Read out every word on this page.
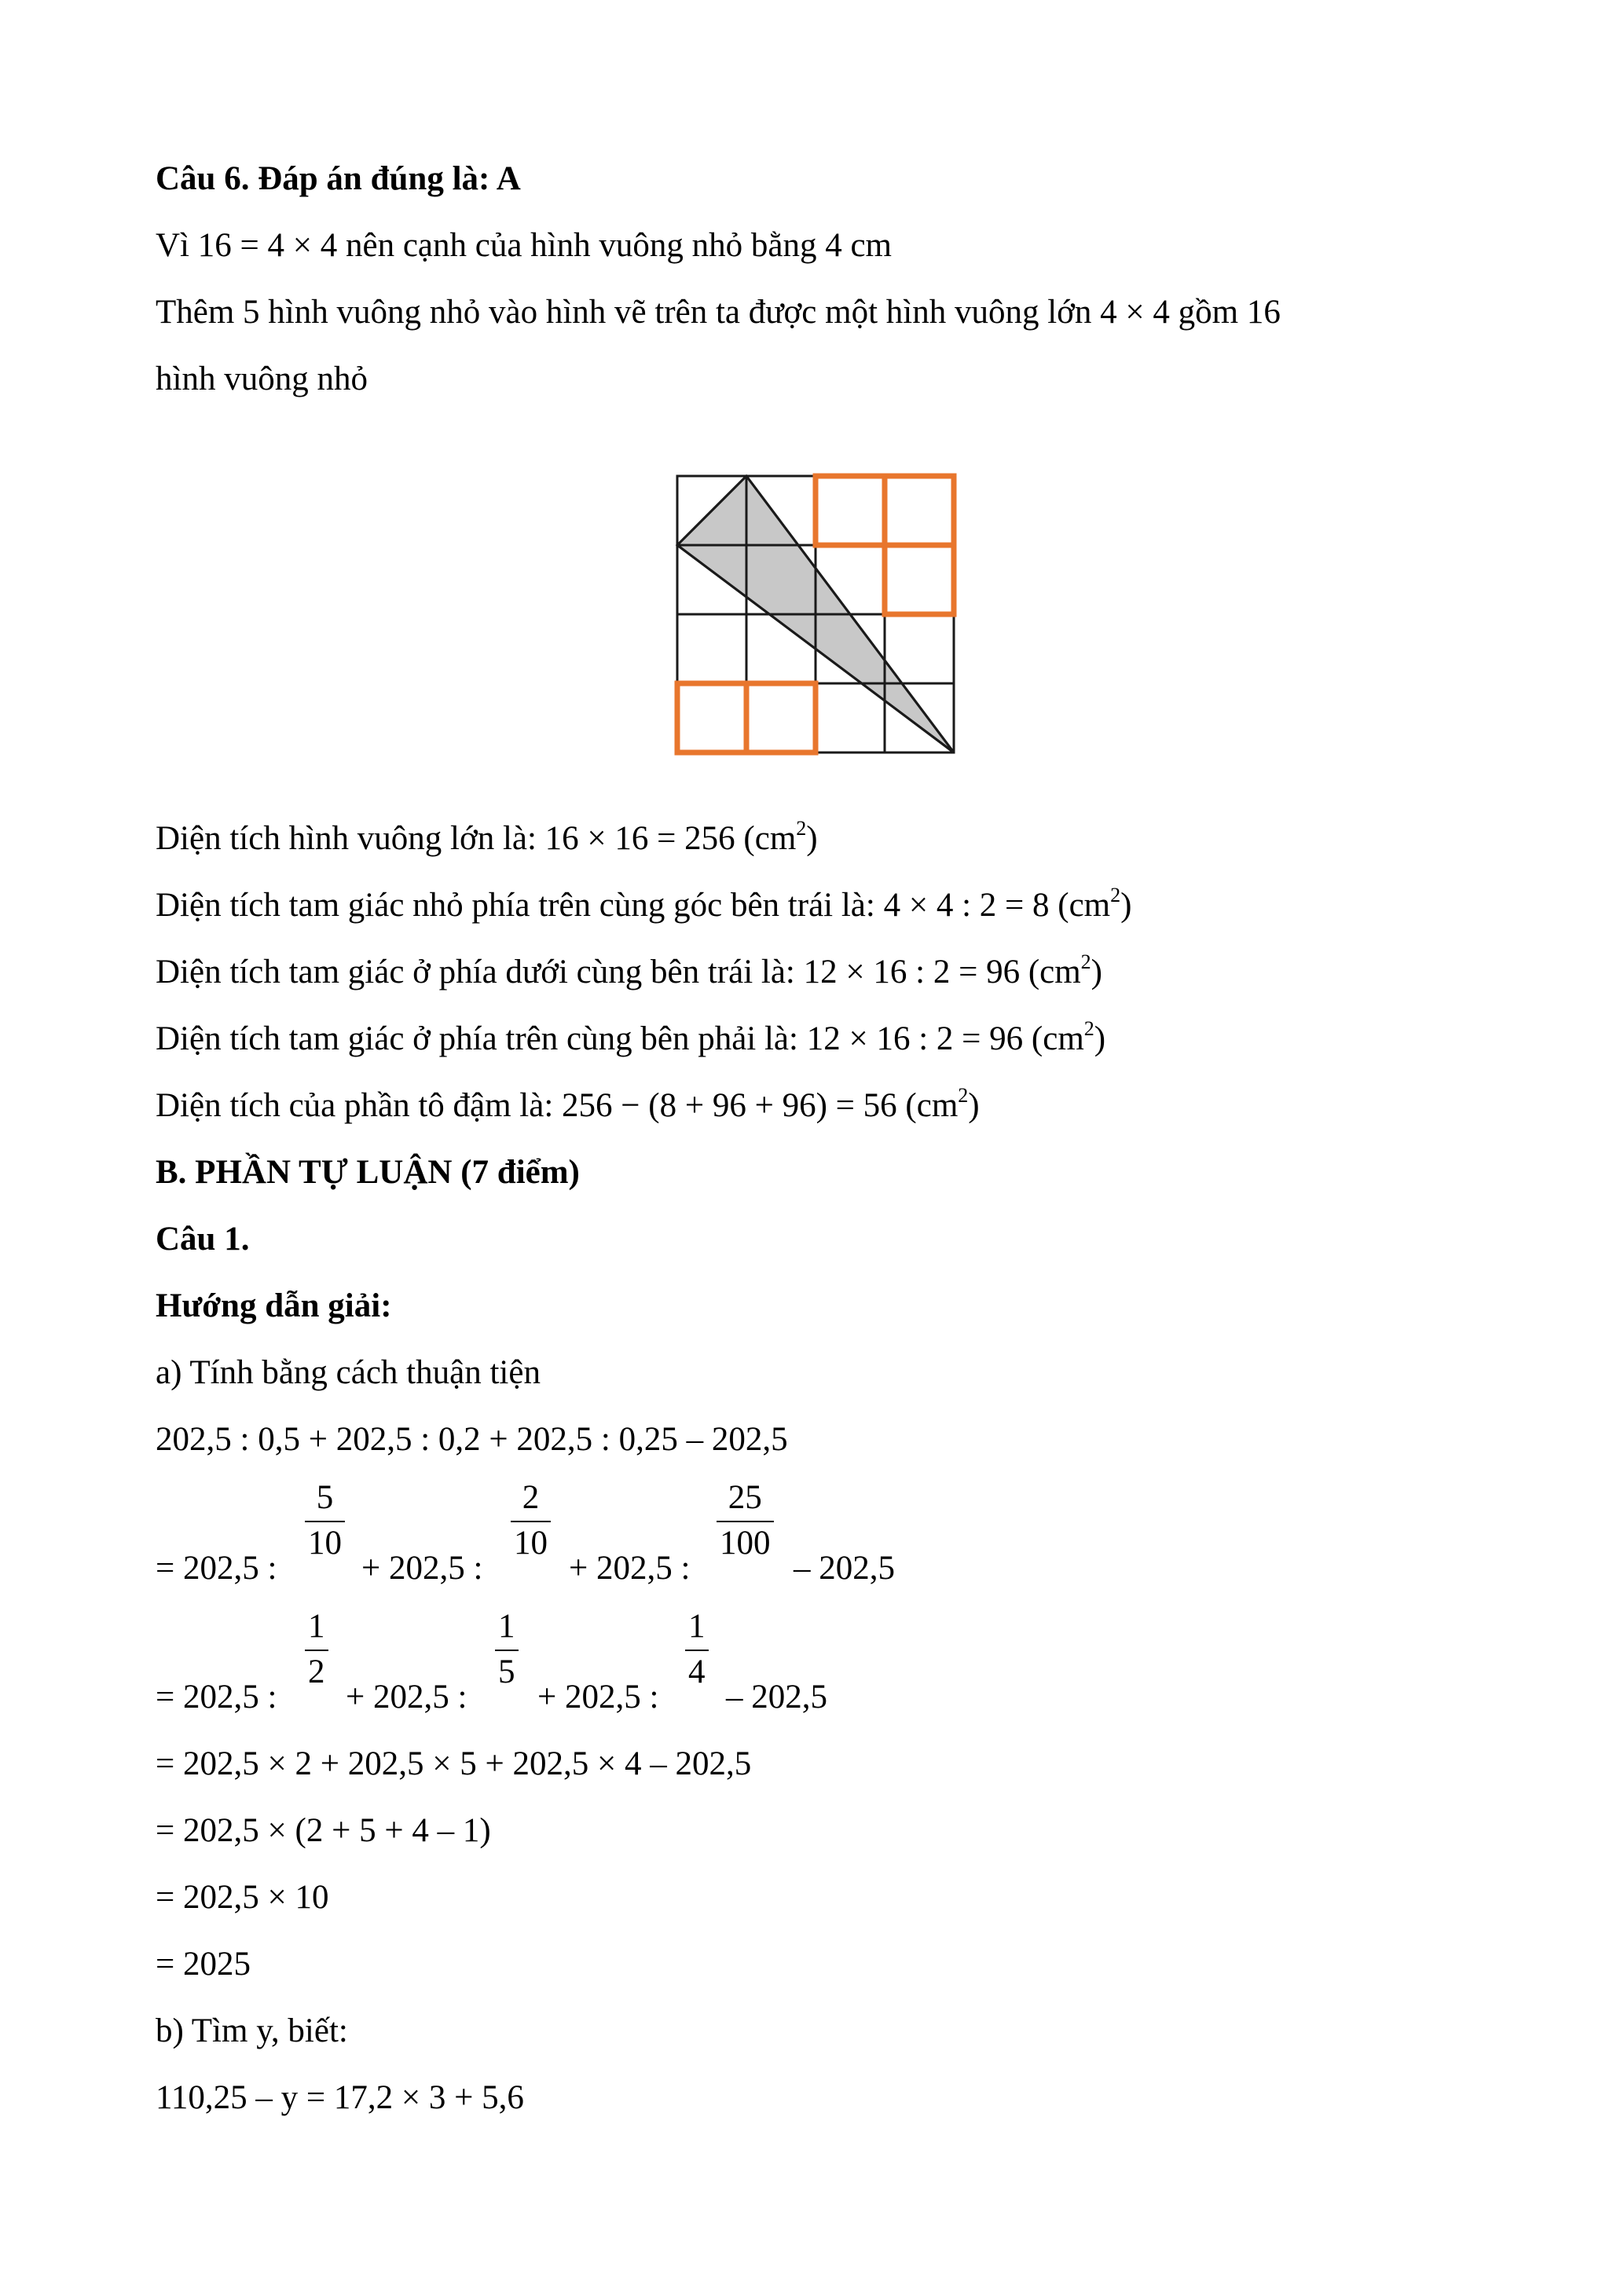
Câu 6. Đáp án đúng là: A
Vì 16 = 4 × 4 nên cạnh của hình vuông nhỏ bằng 4 cm
Thêm 5 hình vuông nhỏ vào hình vẽ trên ta được một hình vuông lớn 4 × 4 gồm 16
hình vuông nhỏ
Diện tích hình vuông lớn là: 16 × 16 = 256 $(cm^2)$
Diện tích tam giác nhỏ phía trên cùng góc bên trái là: 4 × 4 : 2 = 8 $(cm^2)$
Diện tích tam giác ở phía dưới cùng bên trái là: 12 × 16 : 2 = 96 $(cm^2)$
Diện tích tam giác ở phía trên cùng bên phải là: 12 × 16 : 2 = 96 $(cm^2)$
Diện tích của phần tô đậm là: 256 − (8 + 96 + 96) = 56 $(cm^2)$
B. PHẦN TỰ LUẬN (7 điểm)
Câu 1.
Hướng dẫn giải:
a) Tính bằng cách thuận tiện
202,5 : 0,5 + 202,5 : 0,2 + 202,5 : 0,25 – 202,5
= 202,5 :
5
10
+ 202,5 :
2
10
+ 202,5 :
25
100
– 202,5
= 202,5 :
1
2
+ 202,5 :
1
5
+ 202,5 :
1
4
– 202,5
= 202,5 × 2 + 202,5 × 5 + 202,5 × 4 – 202,5
= 202,5 × (2 + 5 + 4 – 1)
= 202,5 × 10
= 2025
b) Tìm y, biết:
110,25 – y = 17,2 × 3 + 5,6
